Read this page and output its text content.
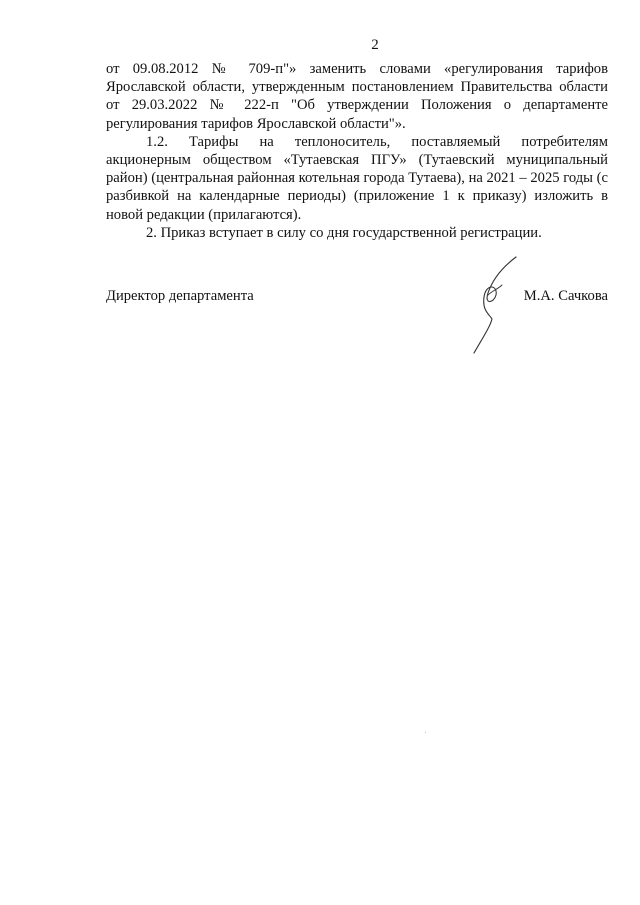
2

от 09.08.2012 № 709-п"» заменить словами «регулирования тарифов Ярославской области, утвержденным постановлением Правительства области от 29.03.2022 № 222-п "Об утверждении Положения о департаменте регулирования тарифов Ярославской области"».

1.2. Тарифы на теплоноситель, поставляемый потребителям акционерным обществом «Тутаевская ПГУ» (Тутаевский муниципальный район) (центральная районная котельная города Тутаева), на 2021 – 2025 годы (с разбивкой на календарные периоды) (приложение 1 к приказу) изложить в новой редакции (прилагаются).

2. Приказ вступает в силу со дня государственной регистрации.

Директор департамента	М.А. Сачкова
